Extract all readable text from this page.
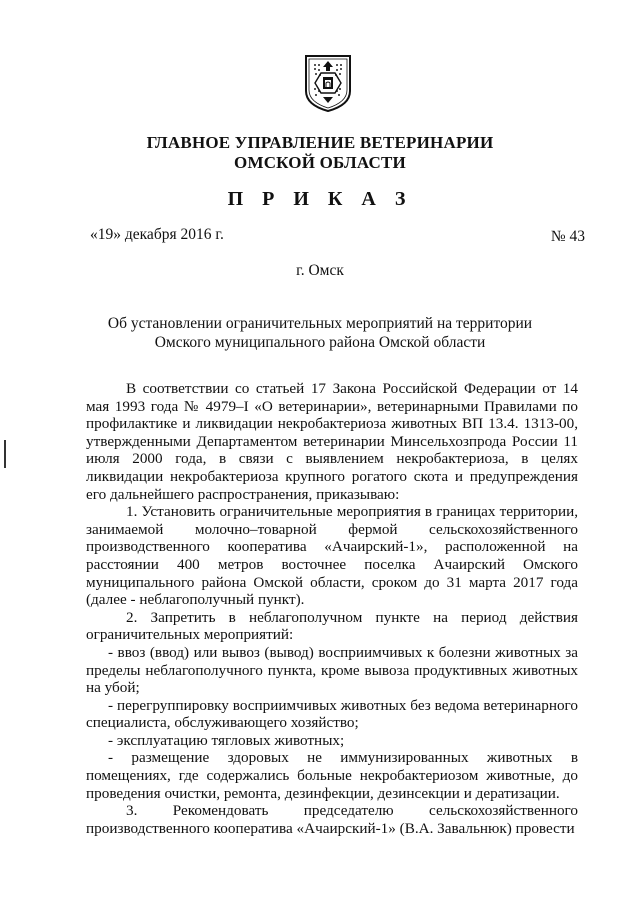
ГЛАВНОЕ УПРАВЛЕНИЕ ВЕТЕРИНАРИИ
ОМСКОЙ ОБЛАСТИ
П Р И К А З
«19» декабря 2016 г.	№ 43
г. Омск
Об установлении ограничительных мероприятий на территории
Омского муниципального района Омской области

В соответствии со статьей 17 Закона Российской Федерации от 14 мая 1993 года № 4979–I «О ветеринарии», ветеринарными Правилами по профилактике и ликвидации некробактериоза животных ВП 13.4. 1313-00, утвержденными Департаментом ветеринарии Минсельхозпрода России 11 июля 2000 года, в связи с выявлением некробактериоза, в целях ликвидации некробактериоза крупного рогатого скота и предупреждения его дальнейшего распространения, приказываю:

1. Установить ограничительные мероприятия в границах территории, занимаемой молочно–товарной фермой сельскохозяйственного производственного кооператива «Ачаирский-1», расположенной на расстоянии 400 метров восточнее поселка Ачаирский Омского муниципального района Омской области, сроком до 31 марта 2017 года (далее - неблагополучный пункт).

2. Запретить в неблагополучном пункте на период действия ограничительных мероприятий:

- ввоз (ввод) или вывоз (вывод) восприимчивых к болезни животных за пределы неблагополучного пункта, кроме вывоза продуктивных животных на убой;

- перегруппировку восприимчивых животных без ведома ветеринарного специалиста, обслуживающего хозяйство;

- эксплуатацию тягловых животных;

- размещение здоровых не иммунизированных животных в помещениях, где содержались больные некробактериозом животные, до проведения очистки, ремонта, дезинфекции, дезинсекции и дератизации.

3. Рекомендовать председателю сельскохозяйственного производственного кооператива «Ачаирский-1» (В.А. Завальнюк) провести
